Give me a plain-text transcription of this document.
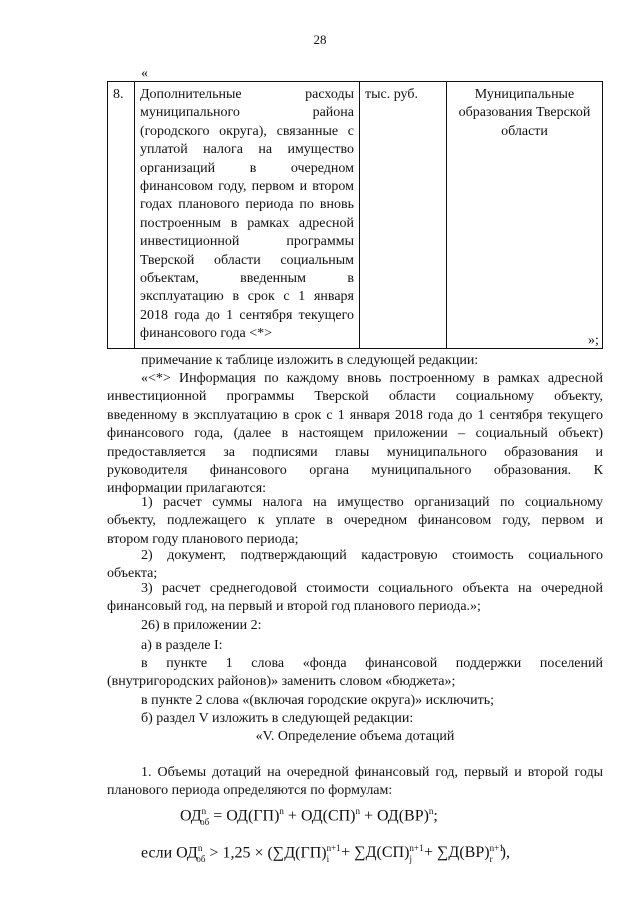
28
«
8.	Дополнительные расходы
муниципального района
(городского округа), связанные с
уплатой налога на имущество
организаций в очередном
финансовом году, первом и втором
годах планового периода по вновь
построенным в рамках адресной
инвестиционной программы
Тверской области социальным
объектам, введенным в
эксплуатацию в срок с 1 января
2018 года до 1 сентября текущего
финансового года <*>
	тыс. руб.	Муниципальные образования Тверской области
»;
примечание к таблице изложить в следующей редакции:
«<*> Информация по каждому вновь построенному в рамках адресной
инвестиционной программы Тверской области социальному объекту,
введенному в эксплуатацию в срок с 1 января 2018 года до 1 сентября текущего
финансового года, (далее в настоящем приложении – социальный объект)
предоставляется за подписями главы муниципального образования и
руководителя финансового органа муниципального образования. К
информации прилагаются:
1) расчет суммы налога на имущество организаций по социальному
объекту, подлежащего к уплате в очередном финансовом году, первом и
втором году планового периода;
2) документ, подтверждающий кадастровую стоимость социального
объекта;
3) расчет среднегодовой стоимости социального объекта на очередной
финансовый год, на первый и второй год планового периода.»;
26) в приложении 2:
а) в разделе I:
в пункте 1 слова «фонда финансовой поддержки поселений
(внутригородских районов)» заменить словом «бюджета»;
в пункте 2 слова «(включая городские округа)» исключить;
б) раздел V изложить в следующей редакции:
«V. Определение объема дотаций
1. Объемы дотаций на очередной финансовый год, первый и второй годы
планового периода определяются по формулам:
$ОД^n_{об} = ОД(ГП)^n + ОД(СП)^n + ОД(ВР)^n$;
если $ОД^n_{об} > 1,25 \times (\sum Д(ГП)^{n+1}_i + \sum Д(СП)^{n+1}_j + \sum Д(ВР)^{n+1}_r$ ),
